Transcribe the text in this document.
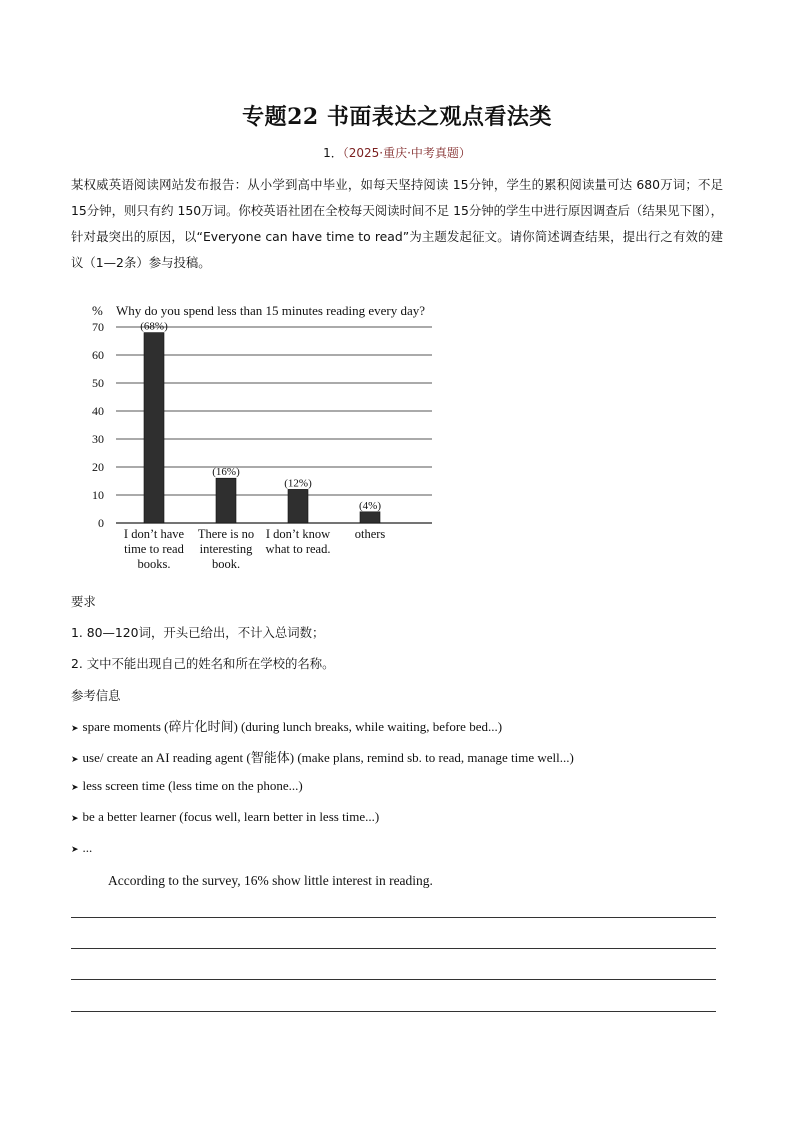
专题22 书面表达之观点看法类
1．（2025·重庆·中考真题）
某权威英语阅读网站发布报告：从小学到高中毕业，如每天坚持阅读 15分钟，学生的累积阅读量可达 680万词；不足 15分钟，则只有约 150万词。你校英语社团在全校每天阅读时间不足 15分钟的学生中进行原因调查后（结果见下图），针对最突出的原因，以“Everyone can have time to read”为主题发起征文。请你简述调查结果，提出行之有效的建议（1—2条）参与投稿。
% Why do you spend less than 15 minutes reading every day?
0
10
20
30
40
50
60
70	(68%)
I don’t have
time to read
books.
(16%)
There is no
interesting
book.
(12%)
I don’t know
what to read.
(4%)
others
要求
1. 80—120词，开头已给出，不计入总词数；
2. 文中不能出现自己的姓名和所在学校的名称。
参考信息
➤ spare moments (碎片化时间) (during lunch breaks, while waiting, before bed...)
➤ use/ create an AI reading agent (智能体) (make plans, remind sb. to read, manage time well...)
➤ less screen time (less time on the phone...)
➤ be a better learner (focus well, learn better in less time...)
➤ ...
According to the survey, 16% show little interest in reading.
